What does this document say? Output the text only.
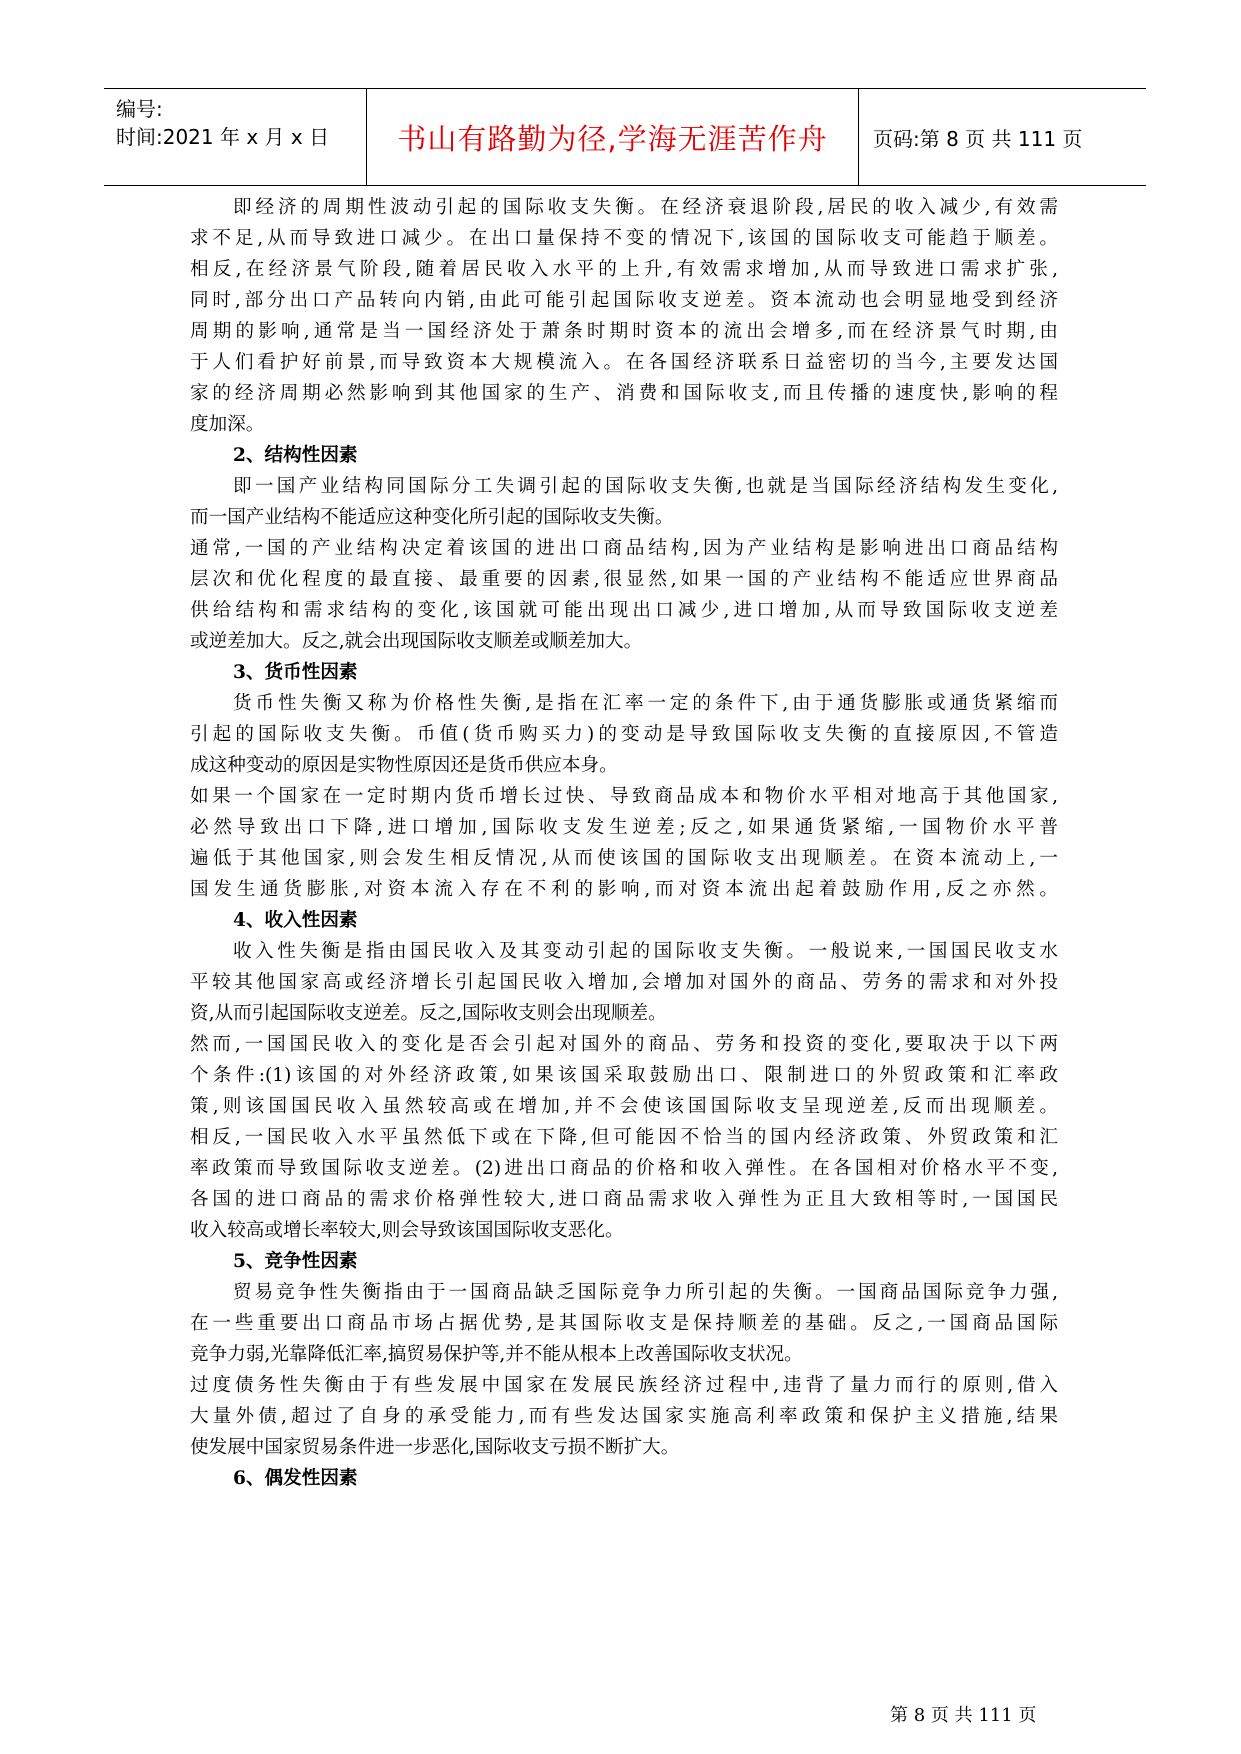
编号:
时间:2021 年 x 月 x 日 书山有路勤为径,学海无涯苦作舟 页码:第 8 页 共 111 页
即经济的周期性波动引起的国际收支失衡。在经济衰退阶段,居民的收入减少,有效需
求不足,从而导致进口减少。在出口量保持不变的情况下,该国的国际收支可能趋于顺差。
相反,在经济景气阶段,随着居民收入水平的上升,有效需求增加,从而导致进口需求扩张,
同时,部分出口产品转向内销,由此可能引起国际收支逆差。资本流动也会明显地受到经济
周期的影响,通常是当一国经济处于萧条时期时资本的流出会增多,而在经济景气时期,由
于人们看护好前景,而导致资本大规模流入。在各国经济联系日益密切的当今,主要发达国
家的经济周期必然影响到其他国家的生产、消费和国际收支,而且传播的速度快,影响的程
度加深。
2、结构性因素
即一国产业结构同国际分工失调引起的国际收支失衡,也就是当国际经济结构发生变化,
而一国产业结构不能适应这种变化所引起的国际收支失衡。
通常,一国的产业结构决定着该国的进出口商品结构,因为产业结构是影响进出口商品结构
层次和优化程度的最直接、最重要的因素,很显然,如果一国的产业结构不能适应世界商品
供给结构和需求结构的变化,该国就可能出现出口减少,进口增加,从而导致国际收支逆差
或逆差加大。反之,就会出现国际收支顺差或顺差加大。
3、货币性因素
货币性失衡又称为价格性失衡,是指在汇率一定的条件下,由于通货膨胀或通货紧缩而
引起的国际收支失衡。币值(货币购买力)的变动是导致国际收支失衡的直接原因,不管造
成这种变动的原因是实物性原因还是货币供应本身。
如果一个国家在一定时期内货币增长过快、导致商品成本和物价水平相对地高于其他国家,
必然导致出口下降,进口增加,国际收支发生逆差;反之,如果通货紧缩,一国物价水平普
遍低于其他国家,则会发生相反情况,从而使该国的国际收支出现顺差。在资本流动上,一
国发生通货膨胀,对资本流入存在不利的影响,而对资本流出起着鼓励作用,反之亦然。
4、收入性因素
收入性失衡是指由国民收入及其变动引起的国际收支失衡。一般说来,一国国民收支水
平较其他国家高或经济增长引起国民收入增加,会增加对国外的商品、劳务的需求和对外投
资,从而引起国际收支逆差。反之,国际收支则会出现顺差。
然而,一国国民收入的变化是否会引起对国外的商品、劳务和投资的变化,要取决于以下两
个条件:(1)该国的对外经济政策,如果该国采取鼓励出口、限制进口的外贸政策和汇率政
策,则该国国民收入虽然较高或在增加,并不会使该国国际收支呈现逆差,反而出现顺差。
相反,一国民收入水平虽然低下或在下降,但可能因不恰当的国内经济政策、外贸政策和汇
率政策而导致国际收支逆差。(2)进出口商品的价格和收入弹性。在各国相对价格水平不变,
各国的进口商品的需求价格弹性较大,进口商品需求收入弹性为正且大致相等时,一国国民
收入较高或增长率较大,则会导致该国国际收支恶化。
5、竞争性因素
贸易竞争性失衡指由于一国商品缺乏国际竞争力所引起的失衡。一国商品国际竞争力强,
在一些重要出口商品市场占据优势,是其国际收支是保持顺差的基础。反之,一国商品国际
竞争力弱,光靠降低汇率,搞贸易保护等,并不能从根本上改善国际收支状况。
过度债务性失衡由于有些发展中国家在发展民族经济过程中,违背了量力而行的原则,借入
大量外债,超过了自身的承受能力,而有些发达国家实施高利率政策和保护主义措施,结果
使发展中国家贸易条件进一步恶化,国际收支亏损不断扩大。
6、偶发性因素
第 8 页 共 111 页
